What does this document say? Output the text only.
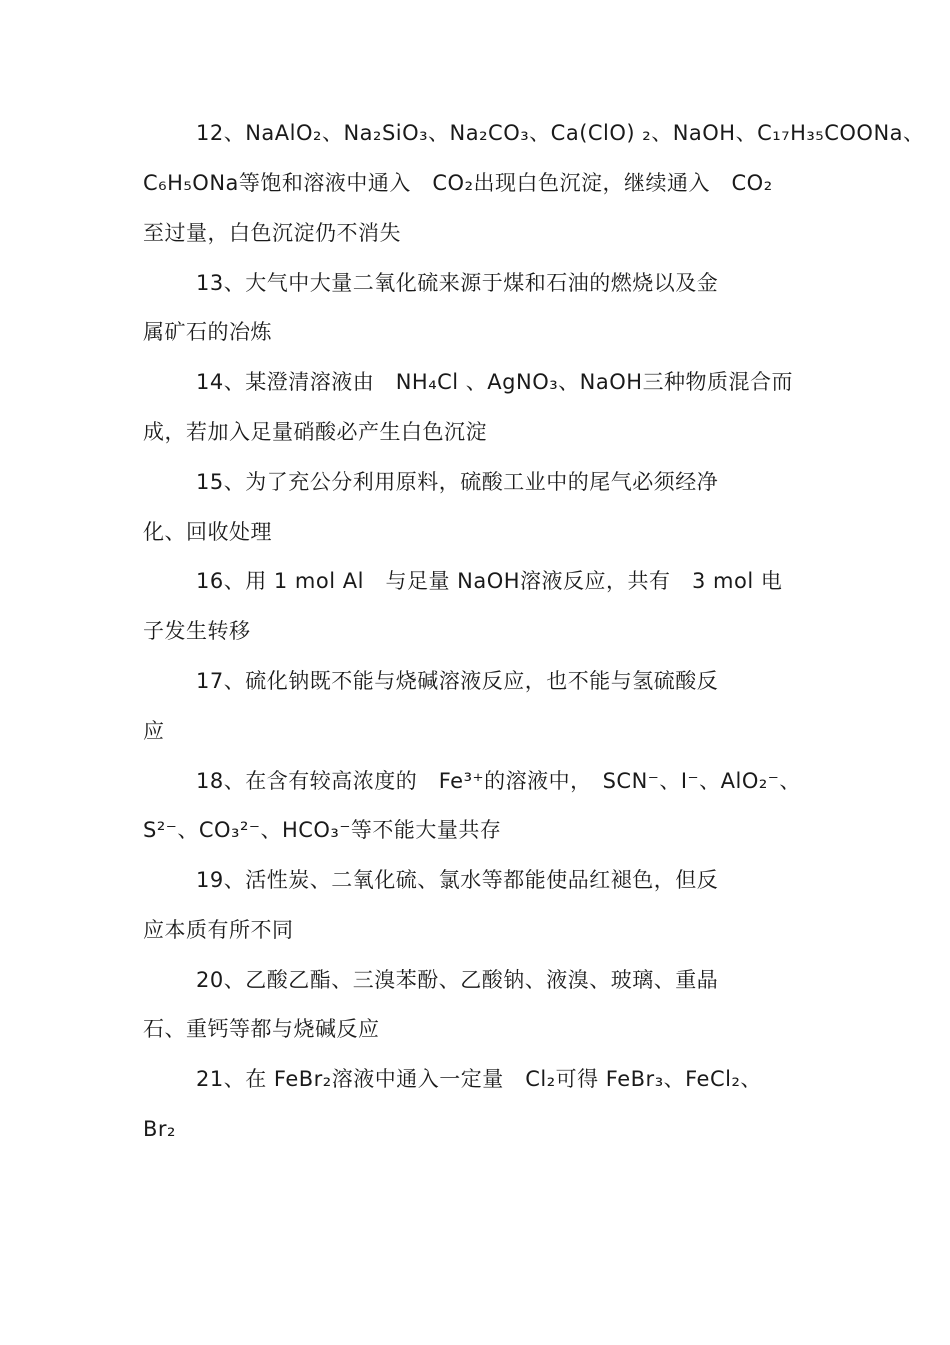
12、NaAlO₂、Na₂SiO₃、Na₂CO₃、Ca(ClO) ₂、NaOH、C₁₇H₃₅COONa、
C₆H₅ONa等饱和溶液中通入　CO₂出现白色沉淀，继续通入　CO₂
至过量，白色沉淀仍不消失
13、大气中大量二氧化硫来源于煤和石油的燃烧以及金
属矿石的冶炼
14、某澄清溶液由　NH₄Cl 、AgNO₃、NaOH三种物质混合而
成，若加入足量硝酸必产生白色沉淀
15、为了充公分利用原料，硫酸工业中的尾气必须经净
化、回收处理
16、用 1 mol Al　与足量 NaOH溶液反应，共有　3 mol 电
子发生转移
17、硫化钠既不能与烧碱溶液反应，也不能与氢硫酸反
应
18、在含有较高浓度的　Fe³⁺的溶液中，　SCN⁻、I⁻、AlO₂⁻、
S²⁻、CO₃²⁻、HCO₃⁻等不能大量共存
19、活性炭、二氧化硫、氯水等都能使品红褪色，但反
应本质有所不同
20、乙酸乙酯、三溴苯酚、乙酸钠、液溴、玻璃、重晶
石、重钙等都与烧碱反应
21、在 FeBr₂溶液中通入一定量　Cl₂可得 FeBr₃、FeCl₂、
Br₂
